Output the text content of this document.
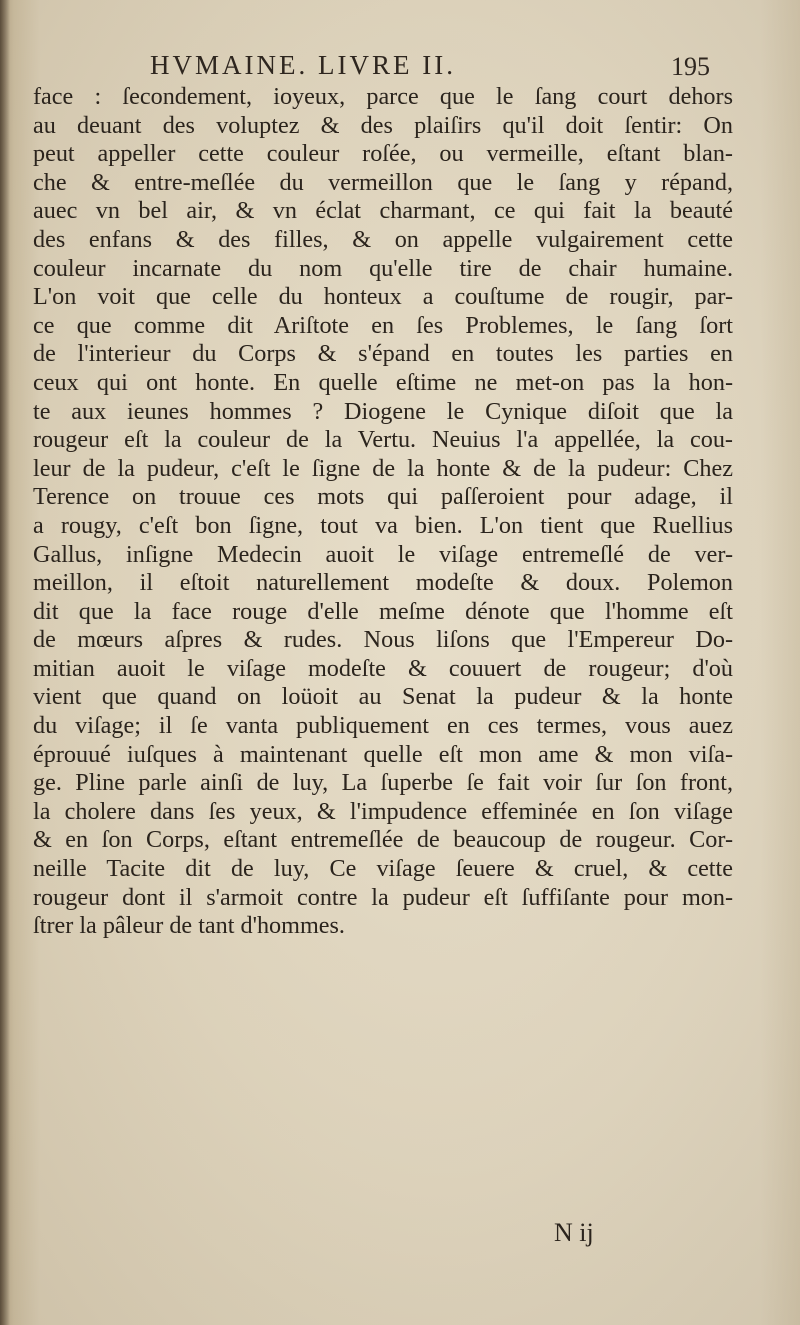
HVMAINE. LIVRE II.	195
face : ſecondement, ioyeux, parce que le ſang court dehors
au deuant des voluptez & des plaiſirs qu'il doit ſentir: On
peut appeller cette couleur roſée, ou vermeille, eſtant blan-
che & entre-meſlée du vermeillon que le ſang y répand,
auec vn bel air, & vn éclat charmant, ce qui fait la beauté
des enfans & des filles, & on appelle vulgairement cette
couleur incarnate du nom qu'elle tire de chair humaine.
L'on voit que celle du honteux a couſtume de rougir, par-
ce que comme dit Ariſtote en ſes Problemes, le ſang ſort
de l'interieur du Corps & s'épand en toutes les parties en
ceux qui ont honte. En quelle eſtime ne met-on pas la hon-
te aux ieunes hommes ? Diogene le Cynique diſoit que la
rougeur eſt la couleur de la Vertu. Neuius l'a appellée, la cou-
leur de la pudeur, c'eſt le ſigne de la honte & de la pudeur: Chez
Terence on trouue ces mots qui paſſeroient pour adage, il
a rougy, c'eſt bon ſigne, tout va bien. L'on tient que Ruellius
Gallus, inſigne Medecin auoit le viſage entremeſlé de ver-
meillon, il eſtoit naturellement modeſte & doux. Polemon
dit que la face rouge d'elle meſme dénote que l'homme eſt
de mœurs aſpres & rudes. Nous liſons que l'Empereur Do-
mitian auoit le viſage modeſte & couuert de rougeur; d'où
vient que quand on loüoit au Senat la pudeur & la honte
du viſage; il ſe vanta publiquement en ces termes, vous auez
éprouué iuſques à maintenant quelle eſt mon ame & mon viſa-
ge. Pline parle ainſi de luy, La ſuperbe ſe fait voir ſur ſon front,
la cholere dans ſes yeux, & l'impudence effeminée en ſon viſage
& en ſon Corps, eſtant entremeſlée de beaucoup de rougeur. Cor-
neille Tacite dit de luy, Ce viſage ſeuere & cruel, & cette
rougeur dont il s'armoit contre la pudeur eſt ſuffiſante pour mon-
ſtrer la pâleur de tant d'hommes.
N ij
